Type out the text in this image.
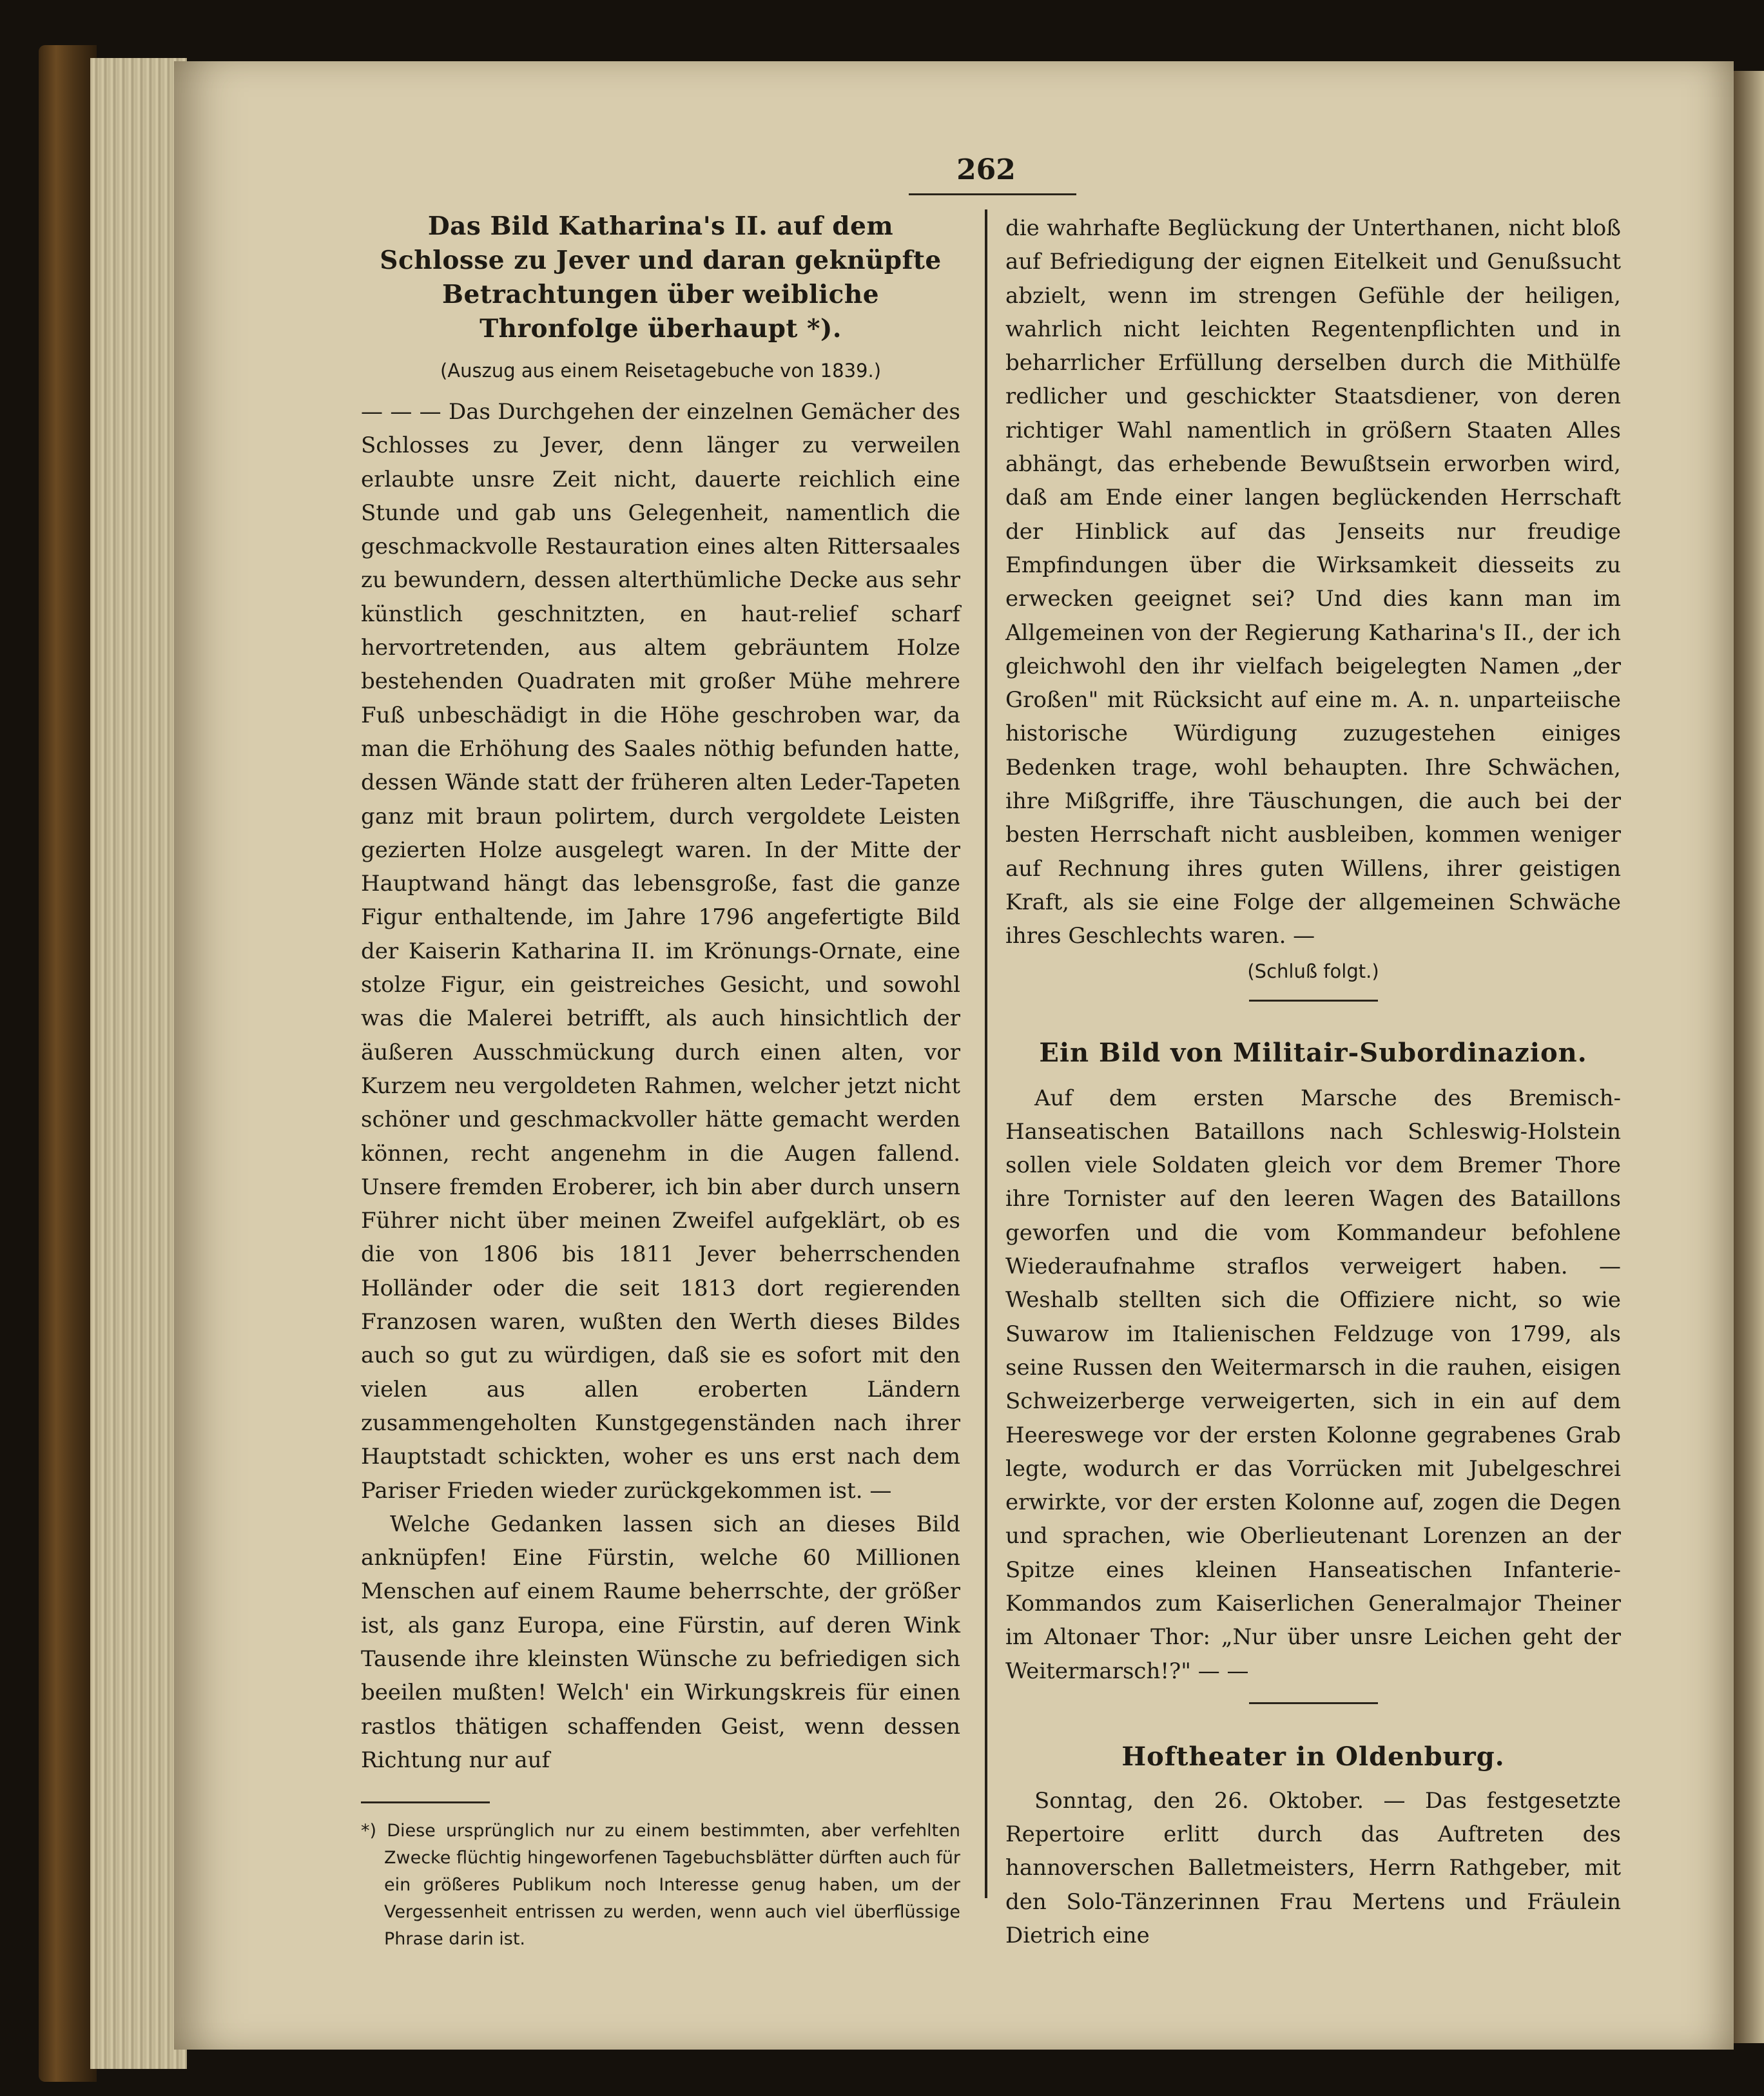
262
Das Bild Katharina's II. auf dem Schlosse zu Jever und daran geknüpfte Betrachtungen über weibliche Thronfolge überhaupt *).

(Auszug aus einem Reisetagebuche von 1839.)

— — — Das Durchgehen der einzelnen Gemächer des Schlosses zu Jever, denn länger zu verweilen erlaubte unsre Zeit nicht, dauerte reichlich eine Stunde und gab uns Gelegenheit, namentlich die geschmackvolle Restauration eines alten Rittersaales zu bewundern, dessen alterthümliche Decke aus sehr künstlich geschnitzten, en haut-relief scharf hervortretenden, aus altem gebräuntem Holze bestehenden Quadraten mit großer Mühe mehrere Fuß unbeschädigt in die Höhe geschroben war, da man die Erhöhung des Saales nöthig befunden hatte, dessen Wände statt der früheren alten Leder-Tapeten ganz mit braun polirtem, durch vergoldete Leisten gezierten Holze ausgelegt waren. In der Mitte der Hauptwand hängt das lebensgroße, fast die ganze Figur enthaltende, im Jahre 1796 angefertigte Bild der Kaiserin Katharina II. im Krönungs-Ornate, eine stolze Figur, ein geistreiches Gesicht, und sowohl was die Malerei betrifft, als auch hinsichtlich der äußeren Ausschmückung durch einen alten, vor Kurzem neu vergoldeten Rahmen, welcher jetzt nicht schöner und geschmackvoller hätte gemacht werden können, recht angenehm in die Augen fallend. Unsere fremden Eroberer, ich bin aber durch unsern Führer nicht über meinen Zweifel aufgeklärt, ob es die von 1806 bis 1811 Jever beherrschenden Holländer oder die seit 1813 dort regierenden Franzosen waren, wußten den Werth dieses Bildes auch so gut zu würdigen, daß sie es sofort mit den vielen aus allen eroberten Ländern zusammengeholten Kunstgegenständen nach ihrer Hauptstadt schickten, woher es uns erst nach dem Pariser Frieden wieder zurückgekommen ist. —

Welche Gedanken lassen sich an dieses Bild anknüpfen! Eine Fürstin, welche 60 Millionen Menschen auf einem Raume beherrschte, der größer ist, als ganz Europa, eine Fürstin, auf deren Wink Tausende ihre kleinsten Wünsche zu befriedigen sich beeilen mußten! Welch' ein Wirkungskreis für einen rastlos thätigen schaffenden Geist, wenn dessen Richtung nur auf

*) Diese ursprünglich nur zu einem bestimmten, aber verfehlten Zwecke flüchtig hingeworfenen Tagebuchsblätter dürften auch für ein größeres Publikum noch Interesse genug haben, um der Vergessenheit entrissen zu werden, wenn auch viel überflüssige Phrase darin ist.

die wahrhafte Beglückung der Unterthanen, nicht bloß auf Befriedigung der eignen Eitelkeit und Genußsucht abzielt, wenn im strengen Gefühle der heiligen, wahrlich nicht leichten Regentenpflichten und in beharrlicher Erfüllung derselben durch die Mithülfe redlicher und geschickter Staatsdiener, von deren richtiger Wahl namentlich in größern Staaten Alles abhängt, das erhebende Bewußtsein erworben wird, daß am Ende einer langen beglückenden Herrschaft der Hinblick auf das Jenseits nur freudige Empfindungen über die Wirksamkeit diesseits zu erwecken geeignet sei? Und dies kann man im Allgemeinen von der Regierung Katharina's II., der ich gleichwohl den ihr vielfach beigelegten Namen „der Großen" mit Rücksicht auf eine m. A. n. unparteiische historische Würdigung zuzugestehen einiges Bedenken trage, wohl behaupten. Ihre Schwächen, ihre Mißgriffe, ihre Täuschungen, die auch bei der besten Herrschaft nicht ausbleiben, kommen weniger auf Rechnung ihres guten Willens, ihrer geistigen Kraft, als sie eine Folge der allgemeinen Schwäche ihres Geschlechts waren. —

(Schluß folgt.)

Ein Bild von Militair-Subordinazion.

Auf dem ersten Marsche des Bremisch-Hanseatischen Bataillons nach Schleswig-Holstein sollen viele Soldaten gleich vor dem Bremer Thore ihre Tornister auf den leeren Wagen des Bataillons geworfen und die vom Kommandeur befohlene Wiederaufnahme straflos verweigert haben. — Weshalb stellten sich die Offiziere nicht, so wie Suwarow im Italienischen Feldzuge von 1799, als seine Russen den Weitermarsch in die rauhen, eisigen Schweizerberge verweigerten, sich in ein auf dem Heereswege vor der ersten Kolonne gegrabenes Grab legte, wodurch er das Vorrücken mit Jubelgeschrei erwirkte, vor der ersten Kolonne auf, zogen die Degen und sprachen, wie Oberlieutenant Lorenzen an der Spitze eines kleinen Hanseatischen Infanterie-Kommandos zum Kaiserlichen Generalmajor Theiner im Altonaer Thor: „Nur über unsre Leichen geht der Weitermarsch!?" — —

Hoftheater in Oldenburg.

Sonntag, den 26. Oktober. — Das festgesetzte Repertoire erlitt durch das Auftreten des hannoverschen Balletmeisters, Herrn Rathgeber, mit den Solo-Tänzerinnen Frau Mertens und Fräulein Dietrich eine
